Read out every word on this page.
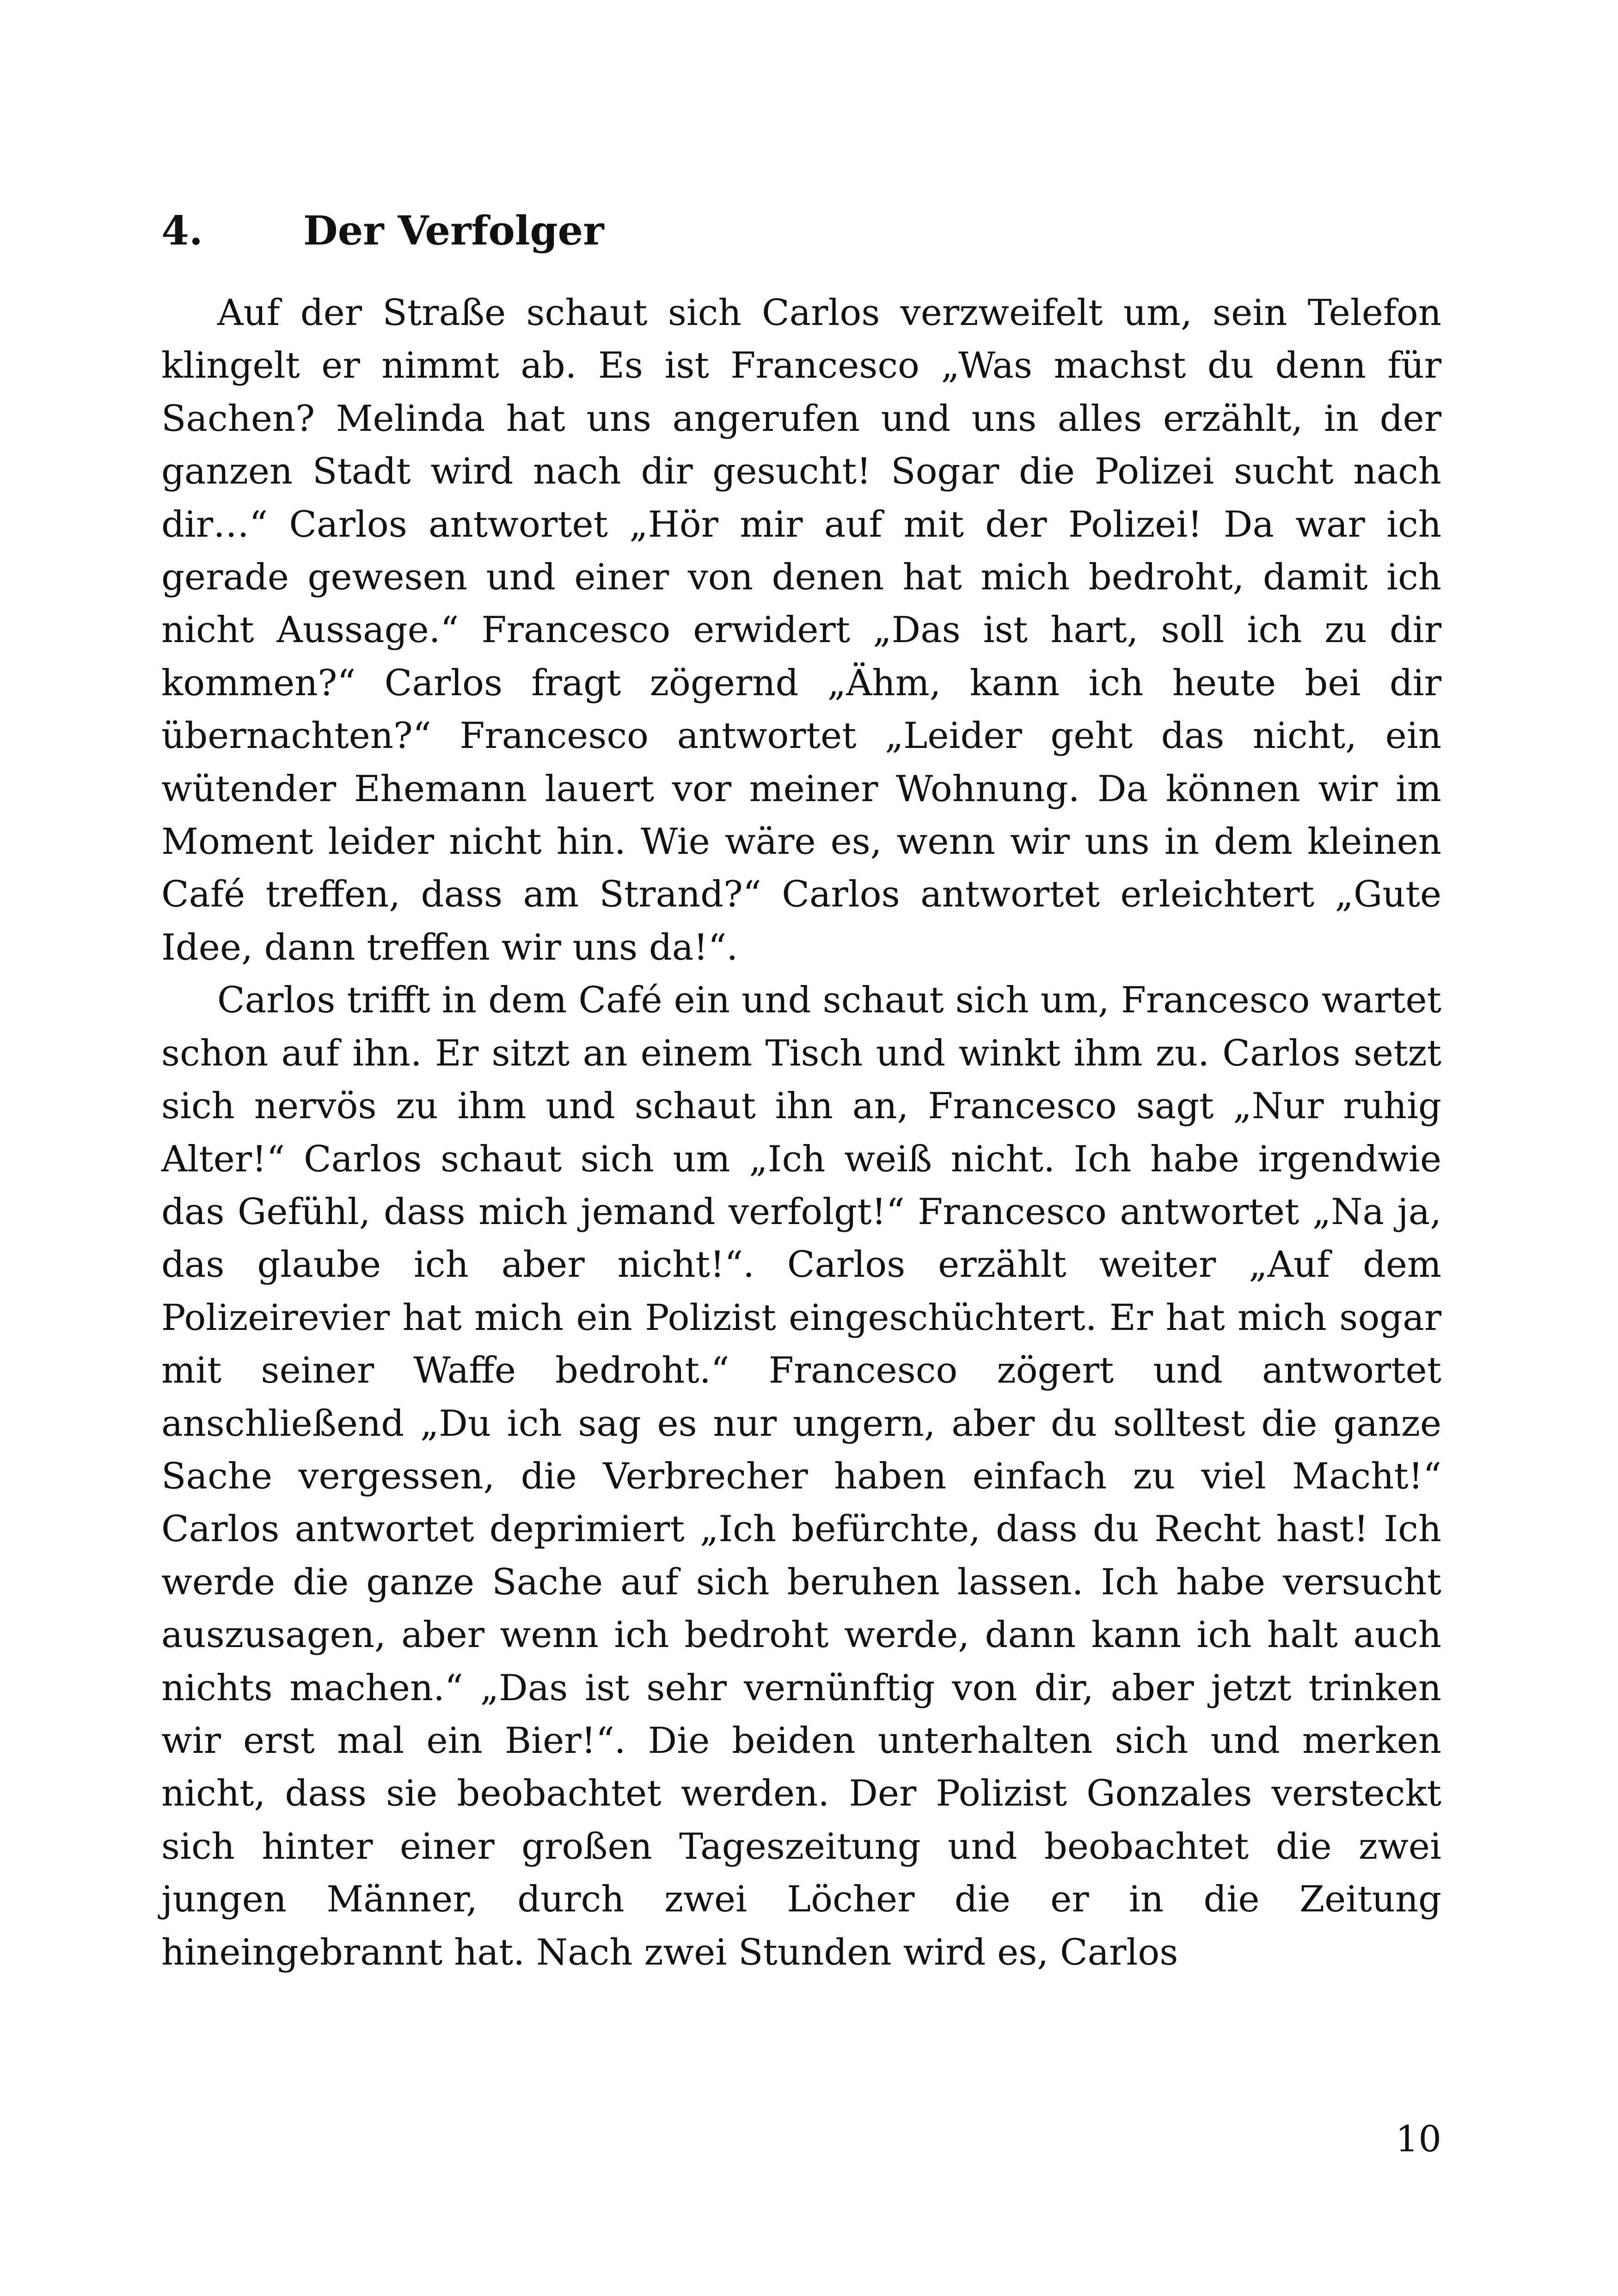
4.	Der Verfolger

Auf der Straße schaut sich Carlos verzweifelt um, sein Telefon klingelt er nimmt ab. Es ist Francesco „Was machst du denn für Sachen? Melinda hat uns angerufen und uns alles erzählt, in der ganzen Stadt wird nach dir gesucht! Sogar die Polizei sucht nach dir…“ Carlos antwortet „Hör mir auf mit der Polizei! Da war ich gerade gewesen und einer von denen hat mich bedroht, damit ich nicht Aussage.“ Francesco erwidert „Das ist hart, soll ich zu dir kommen?“ Carlos fragt zögernd „Ähm, kann ich heute bei dir übernachten?“ Francesco antwortet „Leider geht das nicht, ein wütender Ehemann lauert vor meiner Wohnung. Da können wir im Moment leider nicht hin. Wie wäre es, wenn wir uns in dem kleinen Café treffen, dass am Strand?“ Carlos antwortet erleichtert „Gute Idee, dann treffen wir uns da!“.

Carlos trifft in dem Café ein und schaut sich um, Francesco wartet schon auf ihn. Er sitzt an einem Tisch und winkt ihm zu. Carlos setzt sich nervös zu ihm und schaut ihn an, Francesco sagt „Nur ruhig Alter!“ Carlos schaut sich um „Ich weiß nicht. Ich habe irgendwie das Gefühl, dass mich jemand verfolgt!“ Francesco antwortet „Na ja, das glaube ich aber nicht!“. Carlos erzählt weiter „Auf dem Polizeirevier hat mich ein Polizist eingeschüchtert. Er hat mich sogar mit seiner Waffe bedroht.“ Francesco zögert und antwortet anschließend „Du ich sag es nur ungern, aber du solltest die ganze Sache vergessen, die Verbrecher haben einfach zu viel Macht!“ Carlos antwortet deprimiert „Ich befürchte, dass du Recht hast! Ich werde die ganze Sache auf sich beruhen lassen. Ich habe versucht auszusagen, aber wenn ich bedroht werde, dann kann ich halt auch nichts machen.“ „Das ist sehr vernünftig von dir, aber jetzt trinken wir erst mal ein Bier!“. Die beiden unterhalten sich und merken nicht, dass sie beobachtet werden. Der Polizist Gonzales versteckt sich hinter einer großen Tageszeitung und beobachtet die zwei jungen Männer, durch zwei Löcher die er in die Zeitung hineingebrannt hat. Nach zwei Stunden wird es, Carlos

10
